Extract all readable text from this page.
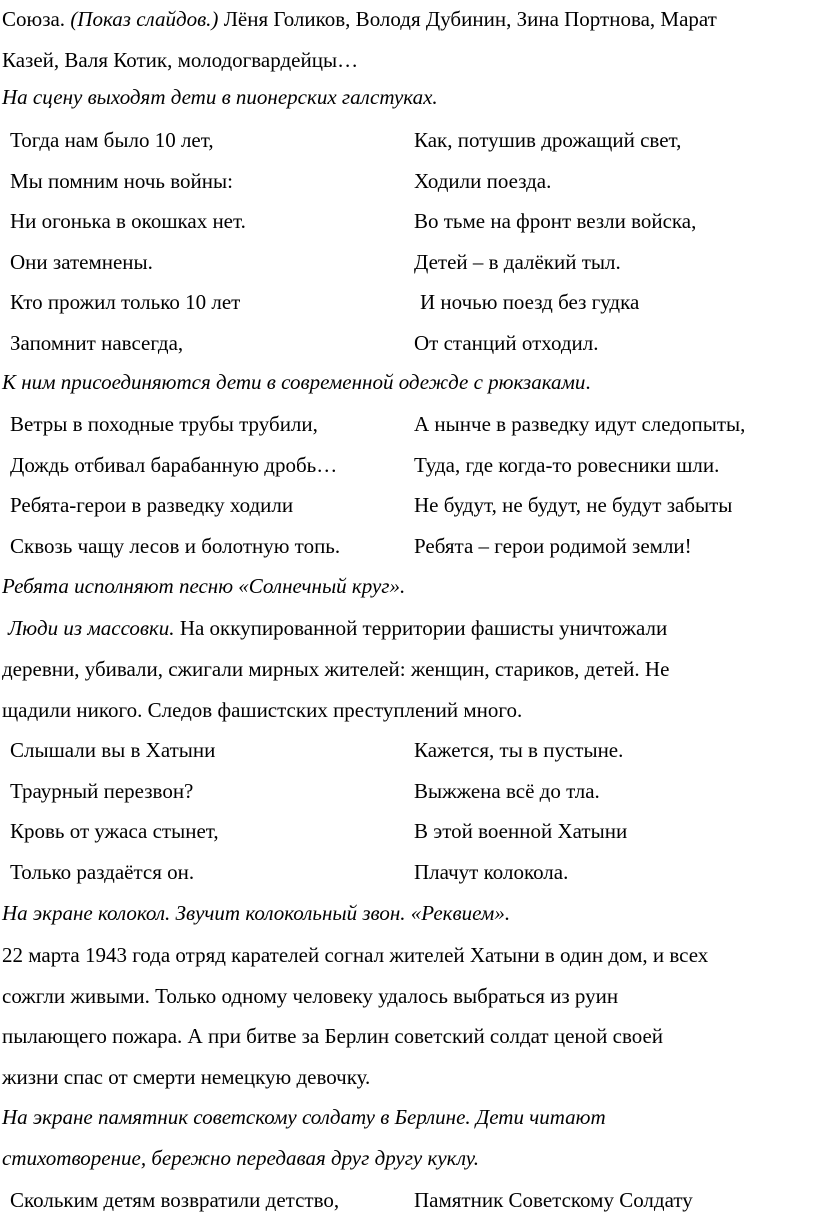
Союза. (Показ слайдов.) Лёня Голиков, Володя Дубинин, Зина Портнова, Марат
Казей, Валя Котик, молодогвардейцы…
На сцену выходят дети в пионерских галстуках.
Тогда нам было 10 лет,	Как, потушив дрожащий свет,
Мы помним ночь войны:	Ходили поезда.
Ни огонька в окошках нет.	Во тьме на фронт везли войска,
Они затемнены.	Детей – в далёкий тыл.
Кто прожил только 10 лет	И ночью поезд без гудка
Запомнит навсегда,	От станций отходил.
К ним присоединяются дети в современной одежде с рюкзаками.
Ветры в походные трубы трубили,	А нынче в разведку идут следопыты,
Дождь отбивал барабанную дробь…	Туда, где когда-то ровесники шли.
Ребята-герои в разведку ходили	Не будут, не будут, не будут забыты
Сквозь чащу лесов и болотную топь.	Ребята – герои родимой земли!
Ребята исполняют песню «Солнечный круг».
Люди из массовки. На оккупированной территории фашисты уничтожали
деревни, убивали, сжигали мирных жителей: женщин, стариков, детей. Не
щадили никого. Следов фашистских преступлений много.
Слышали вы в Хатыни	Кажется, ты в пустыне.
Траурный перезвон?	Выжжена всё до тла.
Кровь от ужаса стынет,	В этой военной Хатыни
Только раздаётся он.	Плачут колокола.
На экране колокол. Звучит колокольный звон. «Реквием».
22 марта 1943 года отряд карателей согнал жителей Хатыни в один дом, и всех
сожгли живыми. Только одному человеку удалось выбраться из руин
пылающего пожара. А при битве за Берлин советский солдат ценой своей
жизни спас от смерти немецкую девочку.
На экране памятник советскому солдату в Берлине. Дети читают
стихотворение, бережно передавая друг другу куклу.
Скольким детям возвратили детство,	Памятник Советскому Солдату
